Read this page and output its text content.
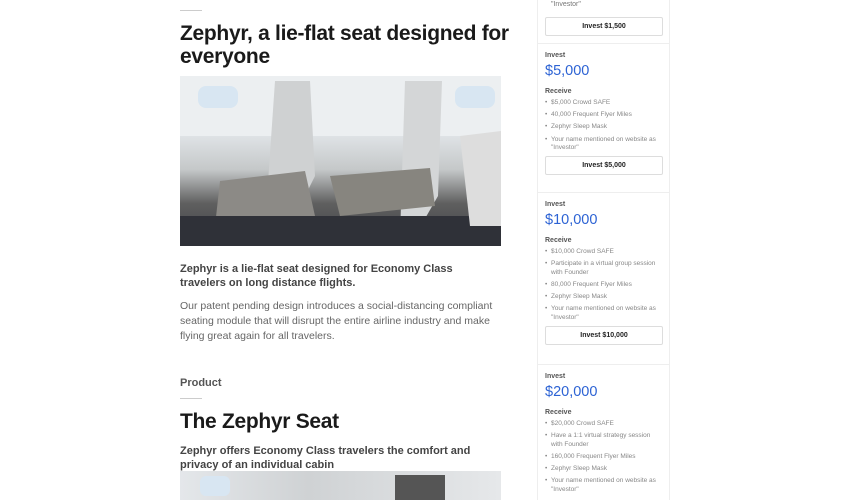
Zephyr, a lie-flat seat designed for everyone

Zephyr is a lie-flat seat designed for Economy Class travelers on long distance flights.

Our patent pending design introduces a social-distancing compliant seating module that will disrupt the entire airline industry and make flying great again for all travelers.

Product
The Zephyr Seat

Zephyr offers Economy Class travelers the comfort and privacy of an individual cabin

"Investor"
Invest $1,500
Invest
$5,000
Receive
• $5,000 Crowd SAFE
• 40,000 Frequent Flyer Miles
• Zephyr Sleep Mask
• Your name mentioned on website as "Investor"
Invest $5,000
Invest
$10,000
Receive
• $10,000 Crowd SAFE
• Participate in a virtual group session with Founder
• 80,000 Frequent Flyer Miles
• Zephyr Sleep Mask
• Your name mentioned on website as "Investor"
Invest $10,000
Invest
$20,000
Receive
• $20,000 Crowd SAFE
• Have a 1:1 virtual strategy session with Founder
• 160,000 Frequent Flyer Miles
• Zephyr Sleep Mask
• Your name mentioned on website as "Investor"
